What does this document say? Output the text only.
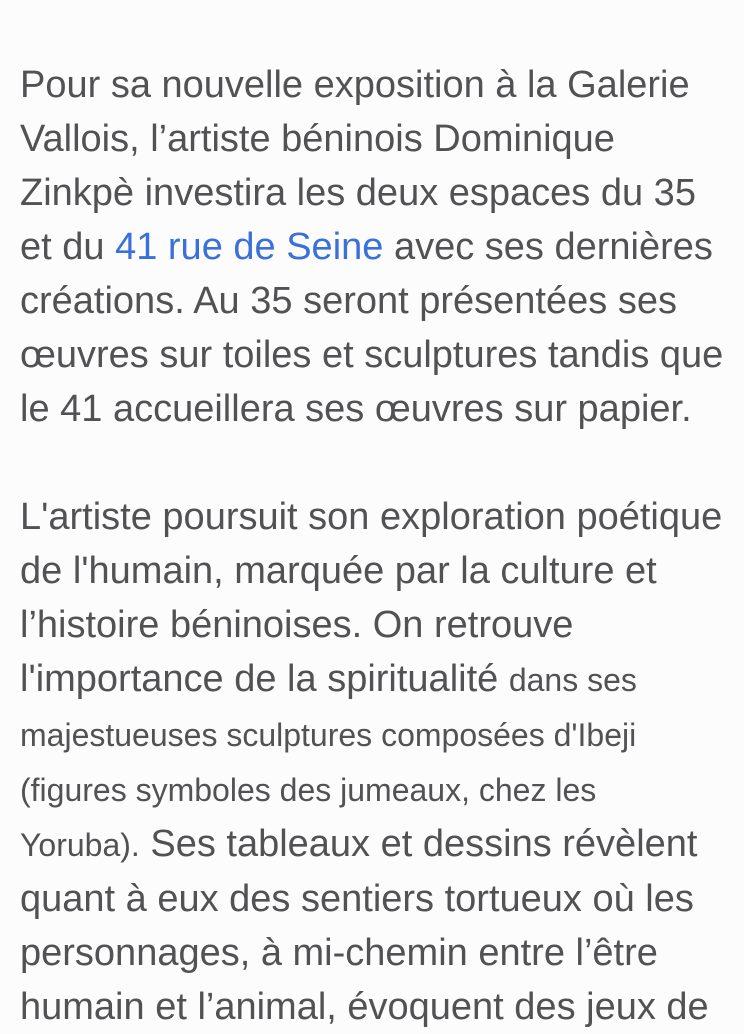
Pour sa nouvelle exposition à la Galerie Vallois, l’artiste béninois Dominique Zinkpè investira les deux espaces du 35 et du 41 rue de Seine avec ses dernières créations. Au 35 seront présentées ses œuvres sur toiles et sculptures tandis que le 41 accueillera ses œuvres sur papier.

L'artiste poursuit son exploration poétique de l'humain, marquée par la culture et l’histoire béninoises. On retrouve l'importance de la spiritualité dans ses majestueuses sculptures composées d'Ibeji (figures symboles des jumeaux, chez les Yoruba). Ses tableaux et dessins révèlent quant à eux des sentiers tortueux où les personnages, à mi-chemin entre l’être humain et l’animal, évoquent des jeux de
